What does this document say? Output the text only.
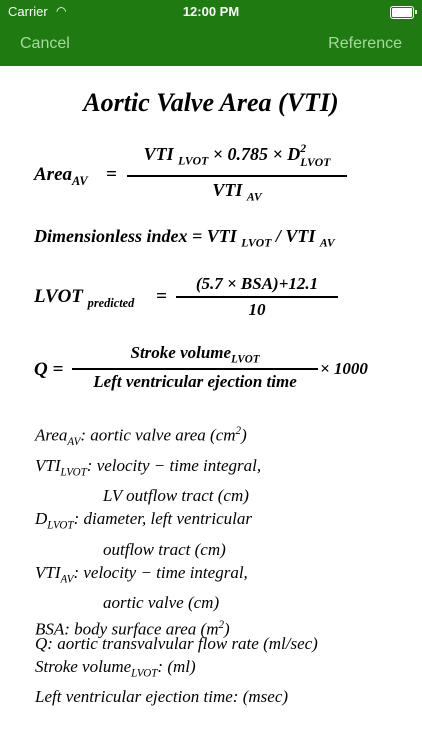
Carrier ◠	12:00 PM
Cancel	Reference
Aortic Valve Area (VTI)
Area$_{AV}$ =
VTI $_{LVOT}$ × 0.785 × D 2
LVOT
VTI $_{AV}$
Dimensionless index = VTI $_{LVOT}$ / VTI $_{AV}$
LVOT $_{predicted}$ =
(5.7 × BSA)+12.1
10
Q =
Stroke volume$_{LVOT}$
Left ventricular ejection time
× 1000
Area$_{AV}$: aortic valve area $(cm^2)$
$VTI_{LVOT}$: velocity − time integral,
LV outflow tract (cm)
$D_{LVOT}$: diameter, left ventricular
outflow tract (cm)
$VTI_{AV}$: velocity − time integral,
aortic valve (cm)
BSA: body surface area $(m^2)$
Q: aortic transvalvular flow rate (ml/sec)
Stroke volume$_{LVOT}$: (ml)
Left ventricular ejection time: (msec)
